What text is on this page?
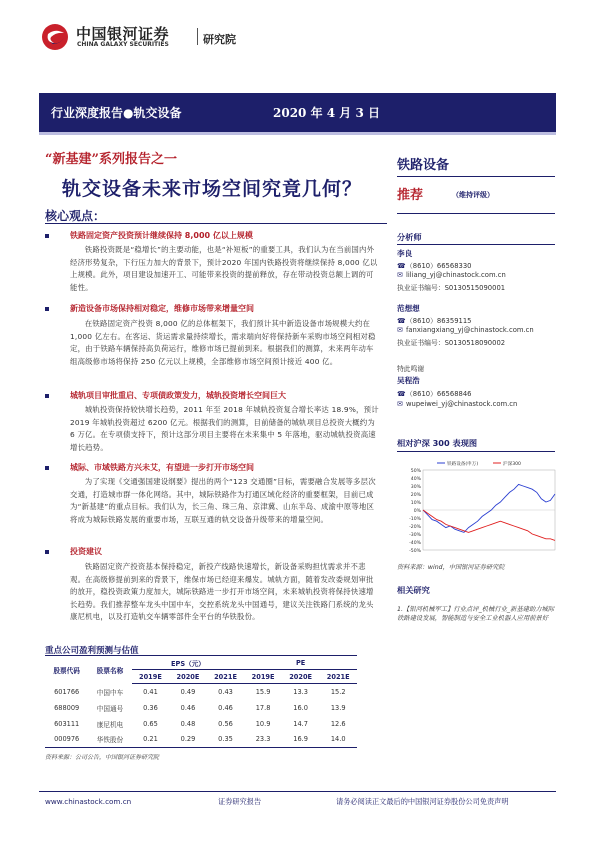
中国银河证券
CHINA GALAXY SECURITIES	研究院
行业深度报告●轨交设备	2020 年 4 月 3 日
“新基建”系列报告之一
轨交设备未来市场空间究竟几何？
核心观点：
铁路固定资产投资预计继续保持 8,000 亿以上规模
铁路投资既是“稳增长”的主要动能，也是“补短板”的重要工具，我们认为在当前国内外经济形势复杂，下行压力加大的背景下，预计2020 年国内铁路投资将继续保持 8,000 亿以上规模。此外，项目建设加速开工、可能带来投资的提前释放，存在带动投资总额上调的可能性。
新造设备市场保持相对稳定，维修市场带来增量空间
在铁路固定资产投资 8,000 亿的总体框架下，我们预计其中新造设备市场规模大约在 1,000 亿左右。在客运、货运需求量持续增长，需求端向好将保持新车采购市场空间相对稳定，由于铁路车辆保持高负荷运行，维修市场已提前到来。根据我们的测算，未来两年动车组高级修市场将保持 250 亿元以上规模，全部维修市场空间预计接近 400 亿。
城轨项目审批重启、专项债政策发力，城轨投资增长空间巨大
城轨投资保持较快增长趋势，2011 年至 2018 年城轨投资复合增长率达 18.9%，预计 2019 年城轨投资超过 6200 亿元。根据我们的测算，目前储备的城轨项目总投资大概约为 6 万亿。在专项债支持下，预计这部分项目主要将在未来集中 5 年落地，驱动城轨投资高速增长趋势。
城际、市域铁路方兴未艾，有望进一步打开市场空间
为了实现《交通强国建设纲要》提出的两个“123 交通圈”目标，需要融合发展等多层次交通，打造城市群一体化网络。其中，城际铁路作为打通区域化经济的重要框架，目前已成为“新基建”的重点目标。我们认为，长三角、珠三角、京津冀、山东半岛、成渝中原等地区将成为城际铁路发展的重要市场，互联互通的轨交设备升级带来的增量空间。
投资建议
铁路固定资产投资基本保持稳定，新投产线路快速增长，新设备采购担忧需求并不悲观。在高级修提前到来的背景下，维保市场已经迎来爆发。城轨方面，随着发改委规划审批的放开，稳投资政策力度加大，城际铁路进一步打开市场空间，未来城轨投资将保持快速增长趋势。我们推荐整车龙头中国中车，交控系统龙头中国通号，建议关注铁路门系统的龙头康尼机电，以及打造轨交车辆零部件全平台的华铁股份。
重点公司盈利预测与估值
股票代码	股票名称	EPS（元）			PE		
		2019E	2020E	2021E	2019E	2020E	2021E
601766	中国中车	0.41	0.49	0.43	15.9	13.3	15.2
688009	中国通号	0.36	0.46	0.46	17.8	16.0	13.9
603111	康尼机电	0.65	0.48	0.56	10.9	14.7	12.6
000976	华铁股份	0.21	0.29	0.35	23.3	16.9	14.0
资料来源：公司公告，中国银河证券研究院
铁路设备
推荐	（维持评级）
分析师
李良
☎（8610）66568330
✉ liliang_yj@chinastock.com.cn
执业证书编号：S0130515090001
范想想
☎（8610）86359115
✉ fanxiangxiang_yj@chinastock.com.cn
执业证书编号：S0130518090002
特此鸣谢
吴程浩
☎（8610）66568846
✉ wupeiwei_yj@chinastock.com.cn
相对沪深 300 表现图
50%
40%
30%
20%
10%
0%
-10%
-20%
-30%
-40%
-50%
铁路设备(申万)	沪深300
资料来源：wind，中国银河证券研究院
相关研究
1.【银河机械军工】行业点评_机械行业_新基建助力城际铁路建设发展，智能制造与安全工业机器人应用前景好
www.chinastock.com.cn	证券研究报告	请务必阅读正文最后的中国银河证券股份公司免责声明
